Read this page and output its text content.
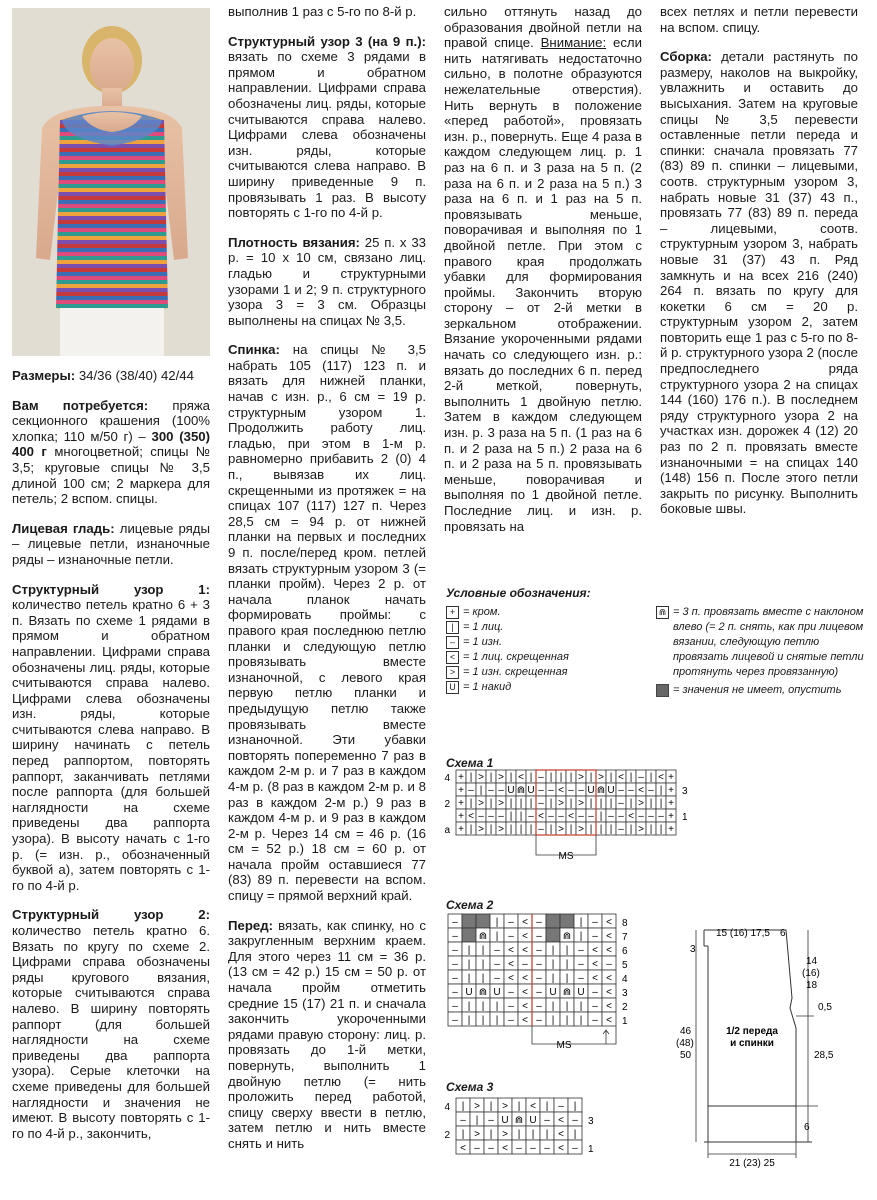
Размеры: 34/36 (38/40) 42/44

Вам потребуется: пряжа секционного крашения (100% хлопка; 110 м/50 г) – 300 (350) 400 г многоцветной; спицы № 3,5; круговые спицы № 3,5 длиной 100 см; 2 маркера для петель; 2 вспом. спицы.

Лицевая гладь: лицевые ряды – лицевые петли, изнаночные ряды – изнаночные петли.

Структурный узор 1: количество петель кратно 6 + 3 п. Вязать по схеме 1 рядами в прямом и обратном направлении. Цифрами справа обозначены лиц. ряды, которые считываются справа налево. Цифрами слева обозначены изн. ряды, которые считываются слева направо. В ширину начинать с петель перед раппортом, повторять раппорт, заканчивать петлями после раппорта (для большей наглядности на схеме приведены два раппорта узора). В высоту начать с 1-го р. (= изн. р., обозначенный буквой а), затем повторять с 1-го по 4-й р.

Структурный узор 2: количество петель кратно 6. Вязать по кругу по схеме 2. Цифрами справа обозначены ряды кругового вязания, которые считываются справа налево. В ширину повторять раппорт (для большей наглядности на схеме приведены два раппорта узора). Серые клеточки на схеме приведены для большей наглядности и значения не имеют. В высоту повторять с 1-го по 4-й р., закончить,

выполнив 1 раз с 5-го по 8-й р.

Структурный узор 3 (на 9 п.): вязать по схеме 3 рядами в прямом и обратном направлении. Цифрами справа обозначены лиц. ряды, которые считываются справа налево. Цифрами слева обозначены изн. ряды, которые считываются слева направо. В ширину приведенные 9 п. провязывать 1 раз. В высоту повторять с 1-го по 4-й р.

Плотность вязания: 25 п. х 33 р. = 10 х 10 см, связано лиц. гладью и структурными узорами 1 и 2; 9 п. структурного узора 3 = 3 см. Образцы выполнены на спицах № 3,5.

Спинка: на спицы № 3,5 набрать 105 (117) 123 п. и вязать для нижней планки, начав с изн. р., 6 см = 19 р. структурным узором 1. Продолжить работу лиц. гладью, при этом в 1-м р. равномерно прибавить 2 (0) 4 п., вывязав их лиц. скрещенными из протяжек = на спицах 107 (117) 127 п. Через 28,5 см = 94 р. от нижней планки на первых и последних 9 п. после/перед кром. петлей вязать структурным узором 3 (= планки пройм). Через 2 р. от начала планок начать формировать проймы: с правого края последнюю петлю планки и следующую петлю провязывать вместе изнаночной, с левого края первую петлю планки и предыдущую петлю также провязывать вместе изнаночной. Эти убавки повторять попеременно 7 раз в каждом 2-м р. и 7 раз в каждом 4-м р. (8 раз в каждом 2-м р. и 8 раз в каждом 2-м р.) 9 раз в каждом 4-м р. и 9 раз в каждом 2-м р. Через 14 см = 46 р. (16 см = 52 р.) 18 см = 60 р. от начала пройм оставшиеся 77 (83) 89 п. перевести на вспом. спицу = прямой верхний край.

Перед: вязать, как спинку, но с закругленным верхним краем. Для этого через 11 см = 36 р. (13 см = 42 р.) 15 см = 50 р. от начала пройм отметить средние 15 (17) 21 п. и сначала закончить укороченными рядами правую сторону: лиц. р. провязать до 1-й метки, повернуть, выполнить 1 двойную петлю (= нить проложить перед работой, спицу сверху ввести в петлю, затем петлю и нить вместе снять и нить

сильно оттянуть назад до образования двойной петли на правой спице. Внимание: если нить натягивать недостаточно сильно, в полотне образуются нежелательные отверстия). Нить вернуть в положение «перед работой», провязать изн. р., повернуть. Еще 4 раза в каждом следующем лиц. р. 1 раз на 6 п. и 3 раза на 5 п. (2 раза на 6 п. и 2 раза на 5 п.) 3 раза на 6 п. и 1 раз на 5 п. провязывать меньше, поворачивая и выполняя по 1 двойной петле. При этом с правого края продолжать убавки для формирования проймы. Закончить вторую сторону – от 2-й метки в зеркальном отображении. Вязание укороченными рядами начать со следующего изн. р.: вязать до последних 6 п. перед 2-й меткой, повернуть, выполнить 1 двойную петлю. Затем в каждом следующем изн. р. 3 раза на 5 п. (1 раз на 6 п. и 2 раза на 5 п.) 2 раза на 6 п. и 2 раза на 5 п. провязывать меньше, поворачивая и выполняя по 1 двойной петле. Последние лиц. и изн. р. провязать на

всех петлях и петли перевести на вспом. спицу.

Сборка: детали растянуть по размеру, наколов на выкройку, увлажнить и оставить до высыхания. Затем на круговые спицы № 3,5 перевести оставленные петли переда и спинки: сначала провязать 77 (83) 89 п. спинки – лицевыми, соотв. структурным узором 3, набрать новые 31 (37) 43 п., провязать 77 (83) 89 п. переда – лицевыми, соотв. структурным узором 3, набрать новые 31 (37) 43 п. Ряд замкнуть и на всех 216 (240) 264 п. вязать по кругу для кокетки 6 см = 20 р. структурным узором 2, затем повторить еще 1 раз с 5-го по 8-й р. структурного узора 2 (после предпоследнего ряда структурного узора 2 на спицах 144 (160) 176 п.). В последнем ряду структурного узора 2 на участках изн. дорожек 4 (12) 20 раз по 2 п. провязать вместе изнаночными = на спицах 140 (148) 156 п. После этого петли закрыть по рисунку. Выполнить боковые швы.

Условные обозначения:
+ = кром.
| = 1 лиц.
– = 1 изн.
< = 1 лиц. скрещенная
> = 1 изн. скрещенная
U = 1 накид
⋒ = 3 п. провязать вместе с наклоном влево (= 2 п. снять, как при лицевом вязании, следующую петлю провязать лицевой и снятые петли протянуть через провязанную)
= значения не имеет, опустить
Схема 1
Схема 2
Схема 3
+ | > | > | < | – | | | > | > | < | – | < +
4
+ – | – – U ⋒ U – – < – – U ⋒ U – – < – | + 3
+ | > | > | | | – | > | > | | | – | > | | +
2
+ < – – – | | – < – – < – – | – – < – – – + 1
+ | > | > | | | – | > | > | | | – | > | | +
a
MS
–	| – < –	| – < 8
– ⋒ | – < – ⋒ | – < 7
– | | – < < – | | – < < 6
– | | – < – – | | – < – 5
– | | – < < – | | – < < 4
– U ⋒ U – < – U ⋒ U – < 3
– | | | – < – | | | – < 2
– | | | – < – | | | – < 1
MS
| > | > | < | – |
4
– | – U ⋒ U – < – 3
| > | > | | | < |
2
< – – < – – – < – 1
15 (16) 17,5 6
3
14
(16)
18
0,5
46
(48)
50
1/2 переда
и спинки
28,5
6
21 (23) 25
